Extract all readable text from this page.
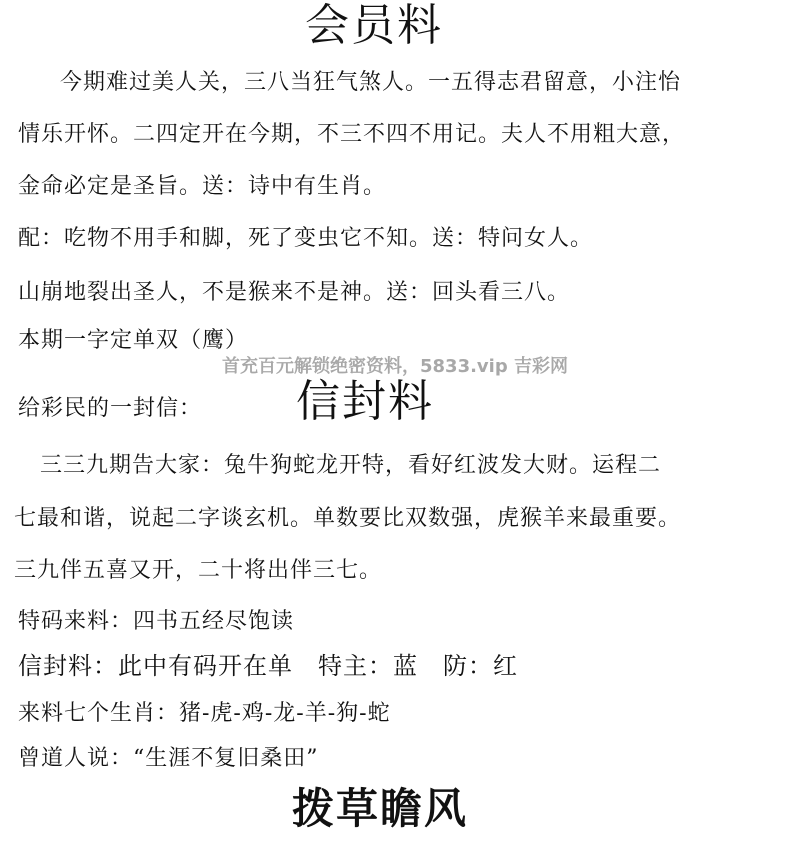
会员料
今期难过美人关，三八当狂气煞人。一五得志君留意，小注怡
情乐开怀。二四定开在今期，不三不四不用记。夫人不用粗大意，
金命必定是圣旨。送：诗中有生肖。
配：吃物不用手和脚，死了变虫它不知。送：特问女人。
山崩地裂出圣人，不是猴来不是神。送：回头看三八。
本期一字定单双（鹰）
首充百元解锁绝密资料，5833.vip 吉彩网
给彩民的一封信： 信封料
三三九期告大家：兔牛狗蛇龙开特，看好红波发大财。运程二
七最和谐，说起二字谈玄机。单数要比双数强，虎猴羊来最重要。
三九伴五喜又开，二十将出伴三七。
特码来料：四书五经尽饱读
信封料：此中有码开在单　特主：蓝　防：红
来料七个生肖：猪-虎-鸡-龙-羊-狗-蛇
曾道人说：“生涯不复旧桑田”
拨草瞻风
